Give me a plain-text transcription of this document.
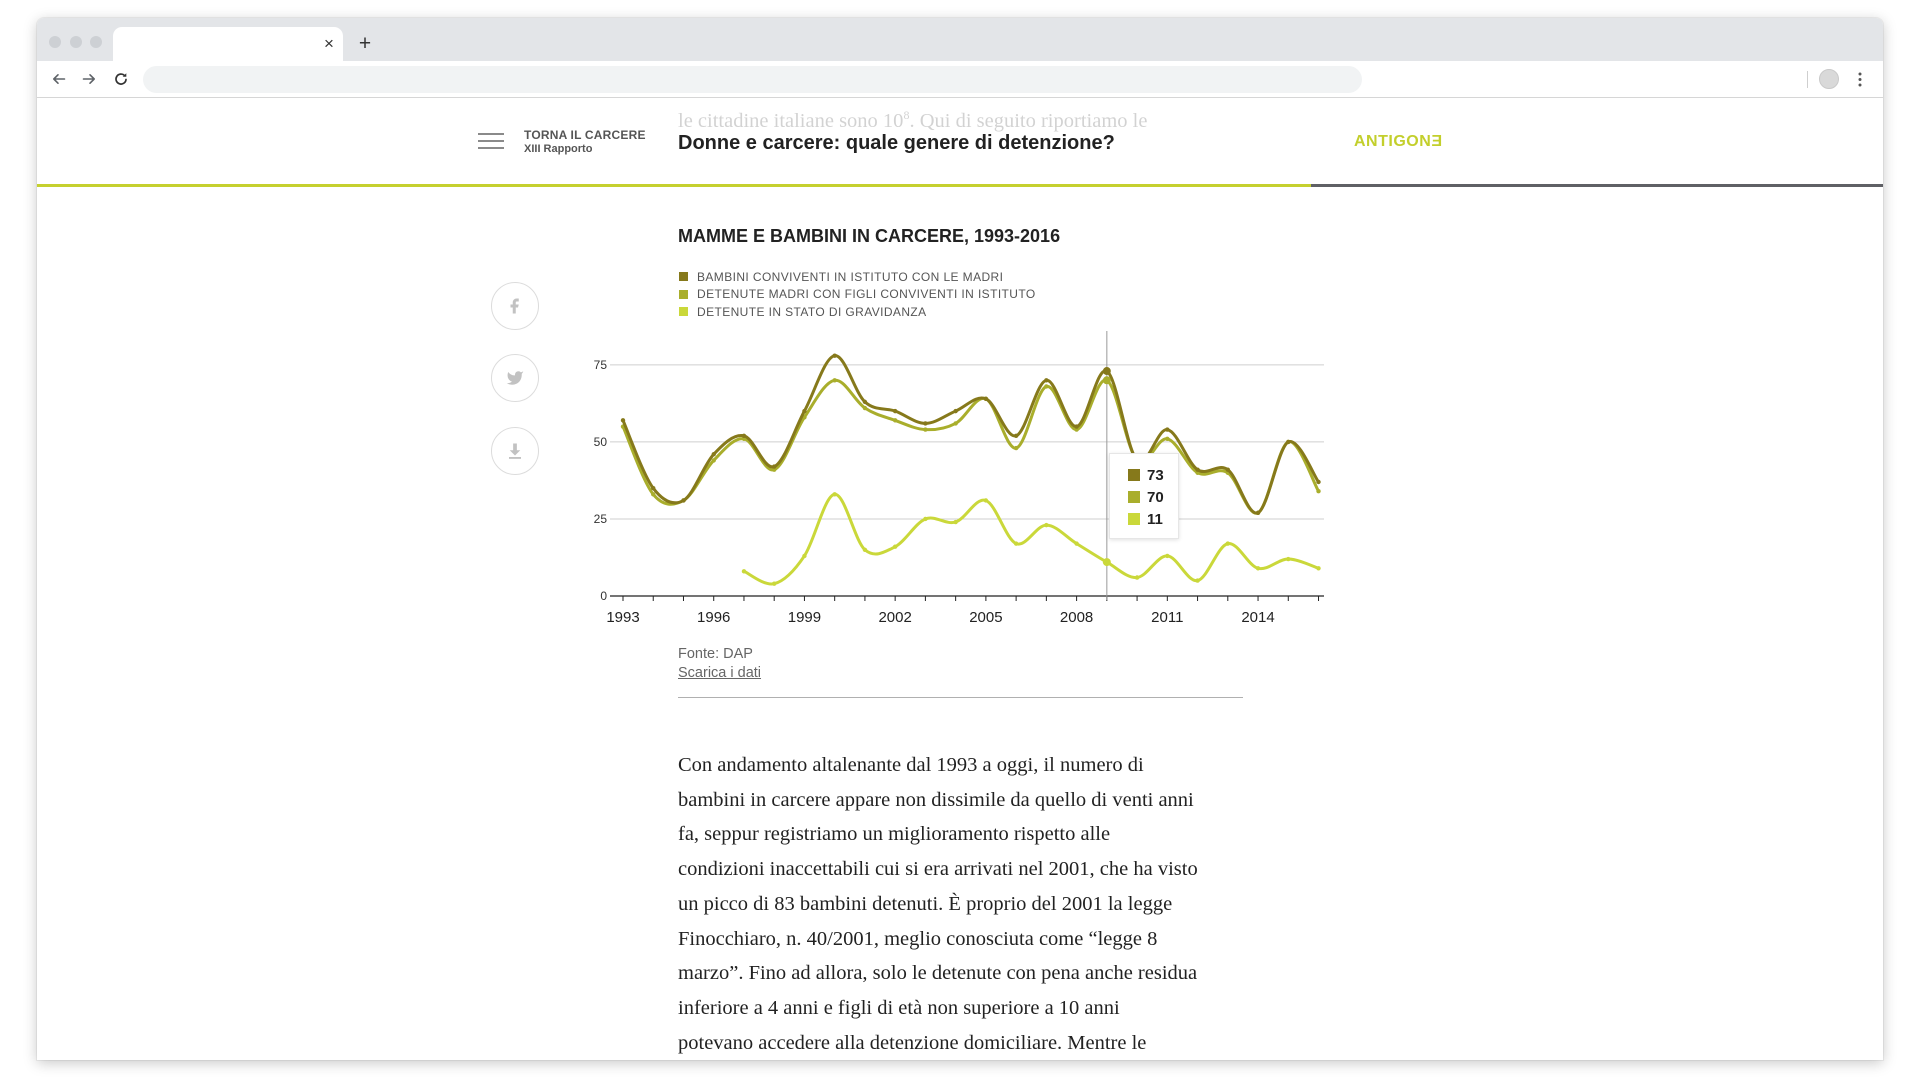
× +
TORNA IL CARCERE
XIII Rapporto	Donne e carcere: quale genere di detenzione?	ANTIGONE
MAMME E BAMBINI IN CARCERE, 1993-2016
BAMBINI CONVIVENTI IN ISTITUTO CON LE MADRI
DETENUTE MADRI CON FIGLI CONVIVENTI IN ISTITUTO
DETENUTE IN STATO DI GRAVIDANZA
0
25
50
75
1993	1996	1999	2002	2005	2008	2011	2014
73
70
11
Fonte: DAP
Scarica i dati
Con andamento altalenante dal 1993 a oggi, il numero di
bambini in carcere appare non dissimile da quello di venti anni
fa, seppur registriamo un miglioramento rispetto alle
condizioni inaccettabili cui si era arrivati nel 2001, che ha visto
un picco di 83 bambini detenuti. È proprio del 2001 la legge
Finocchiaro, n. 40/2001, meglio conosciuta come “legge 8
marzo”. Fino ad allora, solo le detenute con pena anche residua
inferiore a 4 anni e figli di età non superiore a 10 anni
potevano accedere alla detenzione domiciliare. Mentre le
